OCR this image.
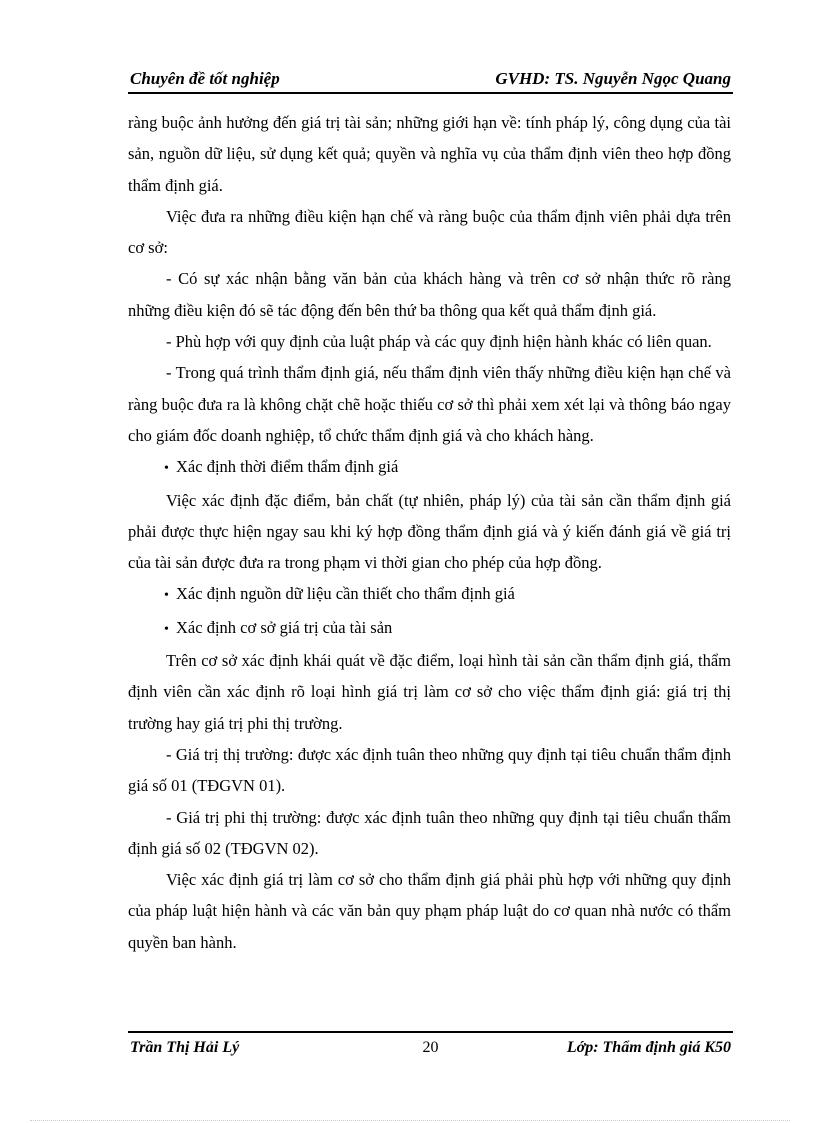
Chuyên đề tốt nghiệp	GVHD: TS. Nguyễn Ngọc Quang

ràng buộc ảnh hưởng đến giá trị tài sản; những giới hạn về: tính pháp lý, công dụng của tài sản, nguồn dữ liệu, sử dụng kết quả; quyền và nghĩa vụ của thẩm định viên theo hợp đồng thẩm định giá.

Việc đưa ra những điều kiện hạn chế và ràng buộc của thẩm định viên phải dựa trên cơ sở:

- Có sự xác nhận bằng văn bản của khách hàng và trên cơ sở nhận thức rõ ràng những điều kiện đó sẽ tác động đến bên thứ ba thông qua kết quả thẩm định giá.

- Phù hợp với quy định của luật pháp và các quy định hiện hành khác có liên quan.

- Trong quá trình thẩm định giá, nếu thẩm định viên thấy những điều kiện hạn chế và ràng buộc đưa ra là không chặt chẽ hoặc thiếu cơ sở thì phải xem xét lại và thông báo ngay cho giám đốc doanh nghiệp, tổ chức thẩm định giá và cho khách hàng.

• Xác định thời điểm thẩm định giá

Việc xác định đặc điểm, bản chất (tự nhiên, pháp lý) của tài sản cần thẩm định giá phải được thực hiện ngay sau khi ký hợp đồng thẩm định giá và ý kiến đánh giá về giá trị của tài sản được đưa ra trong phạm vi thời gian cho phép của hợp đồng.

• Xác định nguồn dữ liệu cần thiết cho thẩm định giá

• Xác định cơ sở giá trị của tài sản

Trên cơ sở xác định khái quát về đặc điểm, loại hình tài sản cần thẩm định giá, thẩm định viên cần xác định rõ loại hình giá trị làm cơ sở cho việc thẩm định giá: giá trị thị trường hay giá trị phi thị trường.

- Giá trị thị trường: được xác định tuân theo những quy định tại tiêu chuẩn thẩm định giá số 01 (TĐGVN 01).

- Giá trị phi thị trường: được xác định tuân theo những quy định tại tiêu chuẩn thẩm định giá số 02 (TĐGVN 02).

Việc xác định giá trị làm cơ sở cho thẩm định giá phải phù hợp với những quy định của pháp luật hiện hành và các văn bản quy phạm pháp luật do cơ quan nhà nước có thẩm quyền ban hành.

Trần Thị Hải Lý	20	Lớp: Thẩm định giá K50
